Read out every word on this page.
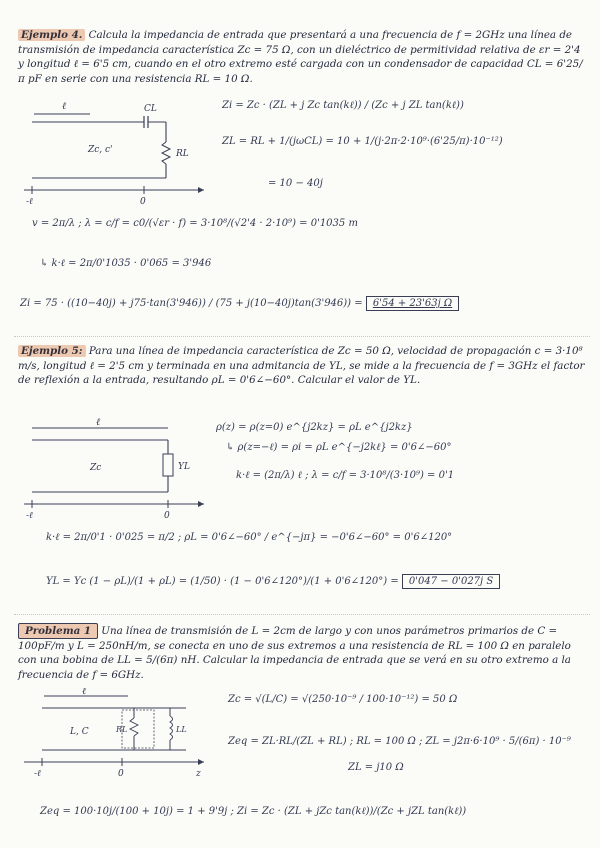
Ejemplo 4. Calcula la impedancia de entrada que presentará a una frecuencia de f = 2GHz una línea de transmisión de impedancia característica Zc = 75 Ω, con un dieléctrico de permitividad relativa de εr = 2'4 y longitud ℓ = 6'5 cm, cuando en el otro extremo esté cargada con un condensador de capacidad CL = 6'25/π pF en serie con una resistencia RL = 10 Ω.
ℓ	CL
RL
Zc, c'
-ℓ	0
Zi = Zc · (ZL + j Zc tan(kℓ)) / (Zc + j ZL tan(kℓ))
ZL = RL + 1/(jωCL) = 10 + 1/(j·2π·2·10⁹·(6'25/π)·10⁻¹²)
= 10 − 40j
v = 2π/λ ; λ = c/f = c0/(√εr · f) = 3·10⁸/(√2'4 · 2·10⁹) = 0'1035 m
↳ k·ℓ = 2π/0'1035 · 0'065 = 3'946
Zi = 75 · ((10−40j) + j75·tan(3'946)) / (75 + j(10−40j)tan(3'946)) = 6'54 + 23'63j Ω
Ejemplo 5: Para una línea de impedancia característica de Zc = 50 Ω, velocidad de propagación c = 3·10⁸ m/s, longitud ℓ = 2'5 cm y terminada en una admitancia de YL, se mide a la frecuencia de f = 3GHz el factor de reflexión a la entrada, resultando ρL = 0'6∠−60°. Calcular el valor de YL.
ℓ
YL
Zc
-ℓ	0
ρ(z) = ρ(z=0) e^{j2kz} = ρL e^{j2kz}
↳ ρ(z=−ℓ) = ρi = ρL e^{−j2kℓ} = 0'6∠−60°
k·ℓ = (2π/λ) ℓ ; λ = c/f = 3·10⁸/(3·10⁹) = 0'1
k·ℓ = 2π/0'1 · 0'025 = π/2 ; ρL = 0'6∠−60° / e^{−jπ} = −0'6∠−60° = 0'6∠120°
YL = Yc (1 − ρL)/(1 + ρL) = (1/50) · (1 − 0'6∠120°)/(1 + 0'6∠120°) = 0'047 − 0'027j S
Problema 1 Una línea de transmisión de L = 2cm de largo y con unos parámetros primarios de C = 100pF/m y L = 250nH/m, se conecta en uno de sus extremos a una resistencia de RL = 100 Ω en paralelo con una bobina de LL = 5/(6π) nH. Calcular la impedancia de entrada que se verá en su otro extremo a la frecuencia de f = 6GHz.
ℓ
L, C	RL	LL
-ℓ	0	z
Zc = √(L/C) = √(250·10⁻⁹ / 100·10⁻¹²) = 50 Ω
Zeq = ZL·RL/(ZL + RL) ; RL = 100 Ω ; ZL = j2π·6·10⁹ · 5/(6π) · 10⁻⁹
ZL = j10 Ω
Zeq = 100·10j/(100 + 10j) = 1 + 9'9j ; Zi = Zc · (ZL + jZc tan(kℓ))/(Zc + jZL tan(kℓ))
